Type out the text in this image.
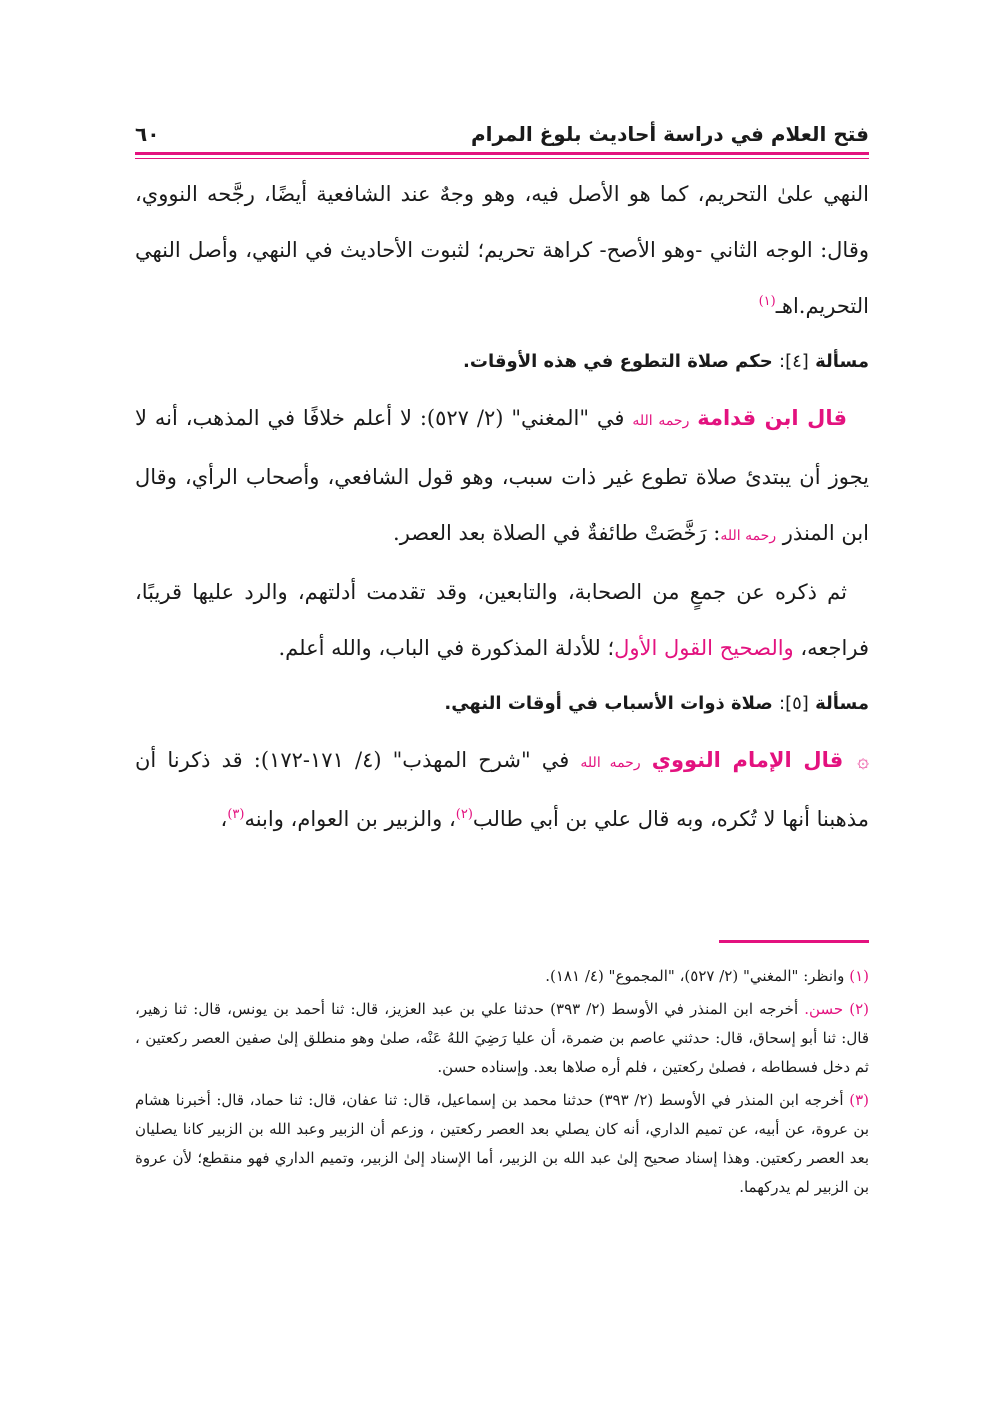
فتح العلام في دراسة أحاديث بلوغ المرام
٦٠

النهي علىٰ التحريم، كما هو الأصل فيه، وهو وجهٌ عند الشافعية أيضًا، رجَّحه النووي، وقال: الوجه الثاني -وهو الأصح- كراهة تحريم؛ لثبوت الأحاديث في النهي، وأصل النهي التحريم.اهـ$^{(١)}$

مسألة [٤]: حكم صلاة التطوع في هذه الأوقات.

قال ابن قدامة رحمه الله في "المغني" (٢/ ٥٢٧): لا أعلم خلافًا في المذهب، أنه لا يجوز أن يبتدئ صلاة تطوع غير ذات سبب، وهو قول الشافعي، وأصحاب الرأي، وقال ابن المنذر رحمه الله: رَخَّصَتْ طائفةٌ في الصلاة بعد العصر.

ثم ذكره عن جمعٍ من الصحابة، والتابعين، وقد تقدمت أدلتهم، والرد عليها قريبًا، فراجعه، والصحيح القول الأول؛ للأدلة المذكورة في الباب، والله أعلم.

مسألة [٥]: صلاة ذوات الأسباب في أوقات النهي.

۞قال الإمام النووي رحمه الله في "شرح المهذب" (٤/ ١٧١-١٧٢): قد ذكرنا أن مذهبنا أنها لا تُكره، وبه قال علي بن أبي طالب$^{(٢)}$، والزبير بن العوام، وابنه$^{(٣)}$،

(١) وانظر: "المغني" (٢/ ٥٢٧)، "المجموع" (٤/ ١٨١).

(٢) حسن. أخرجه ابن المنذر في الأوسط (٢/ ٣٩٣) حدثنا علي بن عبد العزيز، قال: ثنا أحمد بن يونس، قال: ثنا زهير، قال: ثنا أبو إسحاق، قال: حدثني عاصم بن ضمرة، أن عليا رَضِيَ اللهُ عَنْه، صلىٰ وهو منطلق إلىٰ صفين العصر ركعتين ، ثم دخل فسطاطه ، فصلىٰ ركعتين ، فلم أره صلاها بعد. وإسناده حسن.

(٣) أخرجه ابن المنذر في الأوسط (٢/ ٣٩٣) حدثنا محمد بن إسماعيل، قال: ثنا عفان، قال: ثنا حماد، قال: أخبرنا هشام بن عروة، عن أبيه، عن تميم الداري، أنه كان يصلي بعد العصر ركعتين ، وزعم أن الزبير وعبد الله بن الزبير كانا يصليان بعد العصر ركعتين. وهذا إسناد صحيح إلىٰ عبد الله بن الزبير، أما الإسناد إلىٰ الزبير، وتميم الداري فهو منقطع؛ لأن عروة بن الزبير لم يدركهما.
